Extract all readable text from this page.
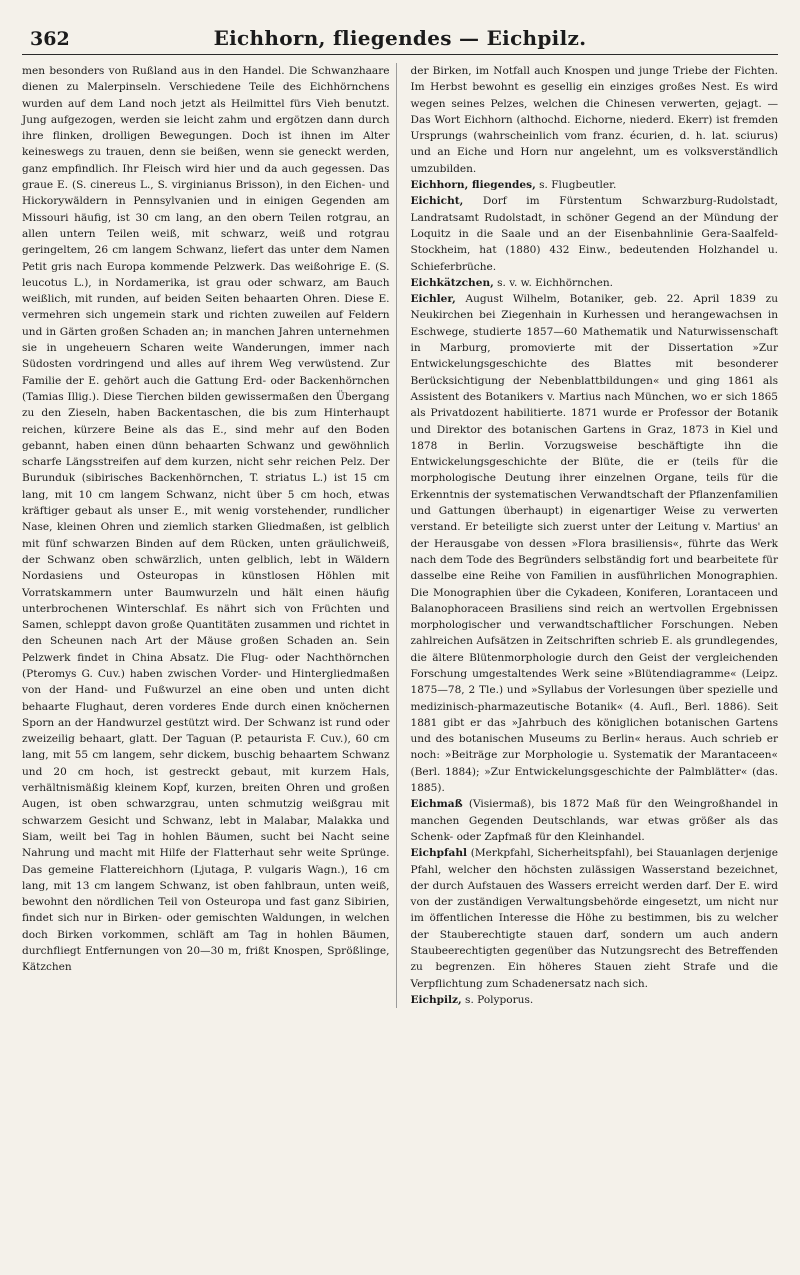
362	Eichhorn, fliegendes — Eichpilz.

men besonders von Rußland aus in den Handel. Die Schwanzhaare dienen zu Malerpinseln. Verschiedene Teile des Eichhörnchens wurden auf dem Land noch jetzt als Heilmittel fürs Vieh benutzt. Jung aufgezogen, werden sie leicht zahm und ergötzen dann durch ihre flinken, drolligen Bewegungen. Doch ist ihnen im Alter keineswegs zu trauen, denn sie beißen, wenn sie geneckt werden, ganz empfindlich. Ihr Fleisch wird hier und da auch gegessen. Das graue E. (S. cinereus L., S. virginianus Brisson), in den Eichen- und Hickorywäldern in Pennsylvanien und in einigen Gegenden am Missouri häufig, ist 30 cm lang, an den obern Teilen rotgrau, an allen untern Teilen weiß, mit schwarz, weiß und rotgrau geringeltem, 26 cm langem Schwanz, liefert das unter dem Namen Petit gris nach Europa kommende Pelzwerk. Das weißohrige E. (S. leucotus L.), in Nordamerika, ist grau oder schwarz, am Bauch weißlich, mit runden, auf beiden Seiten behaarten Ohren. Diese E. vermehren sich ungemein stark und richten zuweilen auf Feldern und in Gärten großen Schaden an; in manchen Jahren unternehmen sie in ungeheuern Scharen weite Wanderungen, immer nach Südosten vordringend und alles auf ihrem Weg verwüstend. Zur Familie der E. gehört auch die Gattung Erd- oder Backenhörnchen (Tamias Illig.). Diese Tierchen bilden gewissermaßen den Übergang zu den Zieseln, haben Backentaschen, die bis zum Hinterhaupt reichen, kürzere Beine als das E., sind mehr auf den Boden gebannt, haben einen dünn behaarten Schwanz und gewöhnlich scharfe Längsstreifen auf dem kurzen, nicht sehr reichen Pelz. Der Burunduk (sibirisches Backenhörnchen, T. striatus L.) ist 15 cm lang, mit 10 cm langem Schwanz, nicht über 5 cm hoch, etwas kräftiger gebaut als unser E., mit wenig vorstehender, rundlicher Nase, kleinen Ohren und ziemlich starken Gliedmaßen, ist gelblich mit fünf schwarzen Binden auf dem Rücken, unten gräulichweiß, der Schwanz oben schwärzlich, unten gelblich, lebt in Wäldern Nordasiens und Osteuropas in künstlosen Höhlen mit Vorratskammern unter Baumwurzeln und hält einen häufig unterbrochenen Winterschlaf. Es nährt sich von Früchten und Samen, schleppt davon große Quantitäten zusammen und richtet in den Scheunen nach Art der Mäuse großen Schaden an. Sein Pelzwerk findet in China Absatz. Die Flug- oder Nachthörnchen (Pteromys G. Cuv.) haben zwischen Vorder- und Hintergliedmaßen von der Hand- und Fußwurzel an eine oben und unten dicht behaarte Flughaut, deren vorderes Ende durch einen knöchernen Sporn an der Handwurzel gestützt wird. Der Schwanz ist rund oder zweizeilig behaart, glatt. Der Taguan (P. petaurista F. Cuv.), 60 cm lang, mit 55 cm langem, sehr dickem, buschig behaartem Schwanz und 20 cm hoch, ist gestreckt gebaut, mit kurzem Hals, verhältnismäßig kleinem Kopf, kurzen, breiten Ohren und großen Augen, ist oben schwarzgrau, unten schmutzig weißgrau mit schwarzem Gesicht und Schwanz, lebt in Malabar, Malakka und Siam, weilt bei Tag in hohlen Bäumen, sucht bei Nacht seine Nahrung und macht mit Hilfe der Flatterhaut sehr weite Sprünge. Das gemeine Flattereichhorn (Ljutaga, P. vulgaris Wagn.), 16 cm lang, mit 13 cm langem Schwanz, ist oben fahlbraun, unten weiß, bewohnt den nördlichen Teil von Osteuropa und fast ganz Sibirien, findet sich nur in Birken- oder gemischten Waldungen, in welchen doch Birken vorkommen, schläft am Tag in hohlen Bäumen, durchfliegt Entfernungen von 20—30 m, frißt Knospen, Sprößlinge, Kätzchen

der Birken, im Notfall auch Knospen und junge Triebe der Fichten. Im Herbst bewohnt es gesellig ein einziges großes Nest. Es wird wegen seines Pelzes, welchen die Chinesen verwerten, gejagt. — Das Wort Eichhorn (althochd. Eichorne, niederd. Ekerr) ist fremden Ursprungs (wahrscheinlich vom franz. écurien, d. h. lat. sciurus) und an Eiche und Horn nur angelehnt, um es volksverständlich umzubilden.

Eichhorn, fliegendes, s. Flugbeutler.

Eichicht, Dorf im Fürstentum Schwarzburg-Rudolstadt, Landratsamt Rudolstadt, in schöner Gegend an der Mündung der Loquitz in die Saale und an der Eisenbahnlinie Gera-Saalfeld-Stockheim, hat (1880) 432 Einw., bedeutenden Holzhandel u. Schieferbrüche.

Eichkätzchen, s. v. w. Eichhörnchen.

Eichler, August Wilhelm, Botaniker, geb. 22. April 1839 zu Neukirchen bei Ziegenhain in Kurhessen und herangewachsen in Eschwege, studierte 1857—60 Mathematik und Naturwissenschaft in Marburg, promovierte mit der Dissertation »Zur Entwickelungsgeschichte des Blattes mit besonderer Berücksichtigung der Nebenblattbildungen« und ging 1861 als Assistent des Botanikers v. Martius nach München, wo er sich 1865 als Privatdozent habilitierte. 1871 wurde er Professor der Botanik und Direktor des botanischen Gartens in Graz, 1873 in Kiel und 1878 in Berlin. Vorzugsweise beschäftigte ihn die Entwickelungsgeschichte der Blüte, die er (teils für die morphologische Deutung ihrer einzelnen Organe, teils für die Erkenntnis der systematischen Verwandtschaft der Pflanzenfamilien und Gattungen überhaupt) in eigenartiger Weise zu verwerten verstand. Er beteiligte sich zuerst unter der Leitung v. Martius' an der Herausgabe von dessen »Flora brasiliensis«, führte das Werk nach dem Tode des Begründers selbständig fort und bearbeitete für dasselbe eine Reihe von Familien in ausführlichen Monographien. Die Monographien über die Cykadeen, Koniferen, Lorantaceen und Balanophoraceen Brasiliens sind reich an wertvollen Ergebnissen morphologischer und verwandtschaftlicher Forschungen. Neben zahlreichen Aufsätzen in Zeitschriften schrieb E. als grundlegendes, die ältere Blütenmorphologie durch den Geist der vergleichenden Forschung umgestaltendes Werk seine »Blütendiagramme« (Leipz. 1875—78, 2 Tle.) und »Syllabus der Vorlesungen über spezielle und medizinisch-pharmazeutische Botanik« (4. Aufl., Berl. 1886). Seit 1881 gibt er das »Jahrbuch des königlichen botanischen Gartens und des botanischen Museums zu Berlin« heraus. Auch schrieb er noch: »Beiträge zur Morphologie u. Systematik der Marantaceen« (Berl. 1884); »Zur Entwickelungsgeschichte der Palmblätter« (das. 1885).

Eichmaß (Visiermaß), bis 1872 Maß für den Weingroßhandel in manchen Gegenden Deutschlands, war etwas größer als das Schenk- oder Zapfmaß für den Kleinhandel.

Eichpfahl (Merkpfahl, Sicherheitspfahl), bei Stauanlagen derjenige Pfahl, welcher den höchsten zulässigen Wasserstand bezeichnet, der durch Aufstauen des Wassers erreicht werden darf. Der E. wird von der zuständigen Verwaltungsbehörde eingesetzt, um nicht nur im öffentlichen Interesse die Höhe zu bestimmen, bis zu welcher der Stauberechtigte stauen darf, sondern um auch andern Staubeerechtigten gegenüber das Nutzungsrecht des Betreffenden zu begrenzen. Ein höheres Stauen zieht Strafe und die Verpflichtung zum Schadenersatz nach sich.

Eichpilz, s. Polyporus.
